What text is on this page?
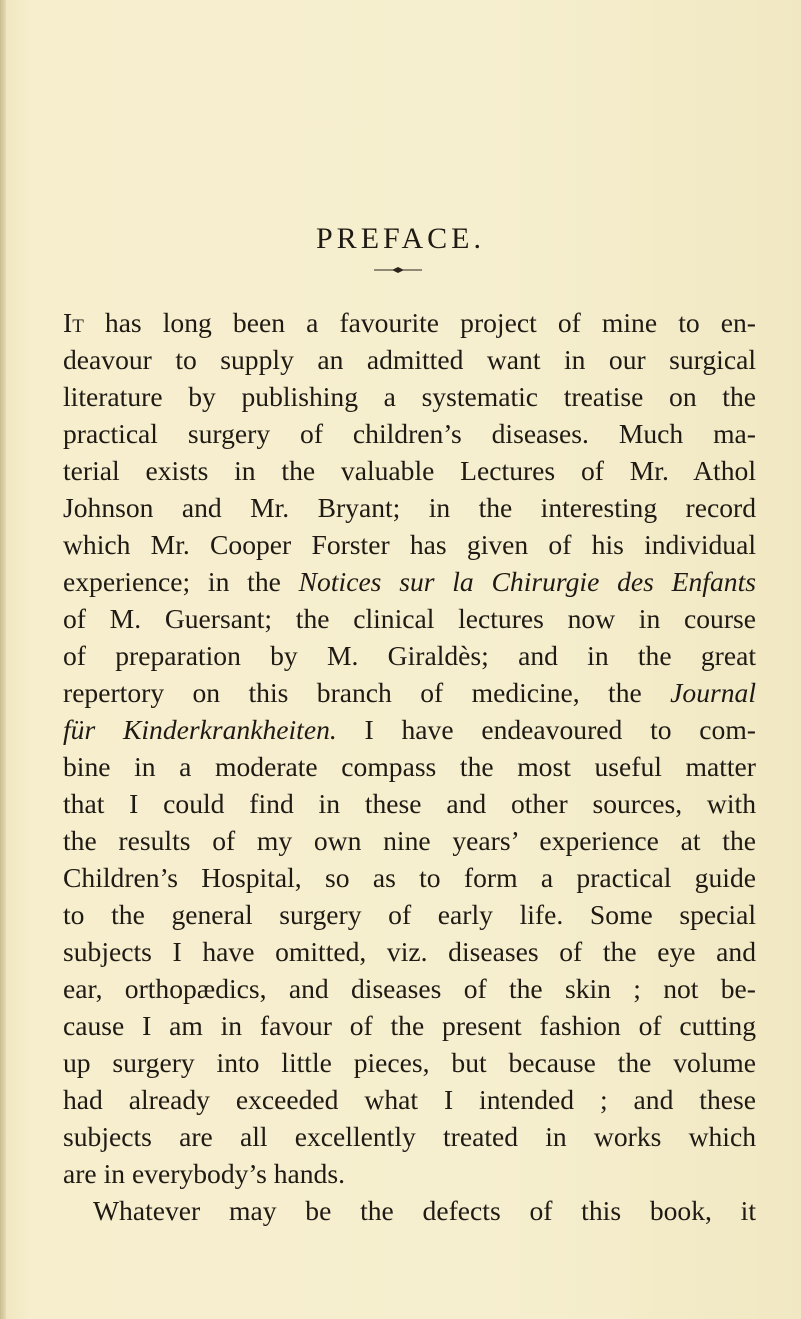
PREFACE.
It has long been a favourite project of mine to en-
deavour to supply an admitted want in our surgical
literature by publishing a systematic treatise on the
practical surgery of children’s diseases. Much ma-
terial exists in the valuable Lectures of Mr. Athol
Johnson and Mr. Bryant; in the interesting record
which Mr. Cooper Forster has given of his individual
experience; in the Notices sur la Chirurgie des Enfants
of M. Guersant; the clinical lectures now in course
of preparation by M. Giraldès; and in the great
repertory on this branch of medicine, the Journal
für Kinderkrankheiten. I have endeavoured to com-
bine in a moderate compass the most useful matter
that I could find in these and other sources, with
the results of my own nine years’ experience at the
Children’s Hospital, so as to form a practical guide
to the general surgery of early life. Some special
subjects I have omitted, viz. diseases of the eye and
ear, orthopædics, and diseases of the skin ; not be-
cause I am in favour of the present fashion of cutting
up surgery into little pieces, but because the volume
had already exceeded what I intended ; and these
subjects are all excellently treated in works which
are in everybody’s hands.
Whatever may be the defects of this book, it
